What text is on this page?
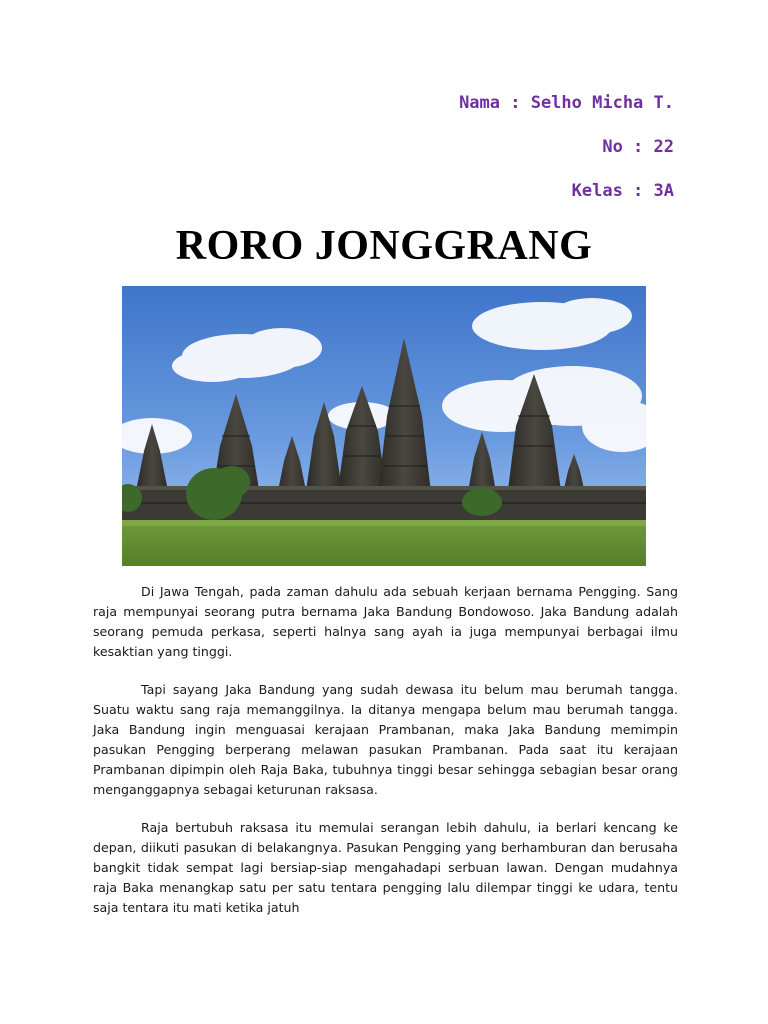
Nama : Selho Micha T.
No : 22
Kelas : 3A
RORO JONGGRANG

Di Jawa Tengah, pada zaman dahulu ada sebuah kerjaan bernama Pengging. Sang raja mempunyai seorang putra bernama Jaka Bandung Bondowoso. Jaka Bandung adalah seorang pemuda perkasa, seperti halnya sang ayah ia juga mempunyai berbagai ilmu kesaktian yang tinggi.

Tapi sayang Jaka Bandung yang sudah dewasa itu belum mau berumah tangga. Suatu waktu sang raja memanggilnya. Ia ditanya mengapa belum mau berumah tangga. Jaka Bandung ingin menguasai kerajaan Prambanan, maka Jaka Bandung memimpin pasukan Pengging berperang melawan pasukan Prambanan. Pada saat itu kerajaan Prambanan dipimpin oleh Raja Baka, tubuhnya tinggi besar sehingga sebagian besar orang menganggapnya sebagai keturunan raksasa.

Raja bertubuh raksasa itu memulai serangan lebih dahulu, ia berlari kencang ke depan, diikuti pasukan di belakangnya. Pasukan Pengging yang berhamburan dan berusaha bangkit tidak sempat lagi bersiap-siap mengahadapi serbuan lawan. Dengan mudahnya raja Baka menangkap satu per satu tentara pengging lalu dilempar tinggi ke udara, tentu saja tentara itu mati ketika jatuh
